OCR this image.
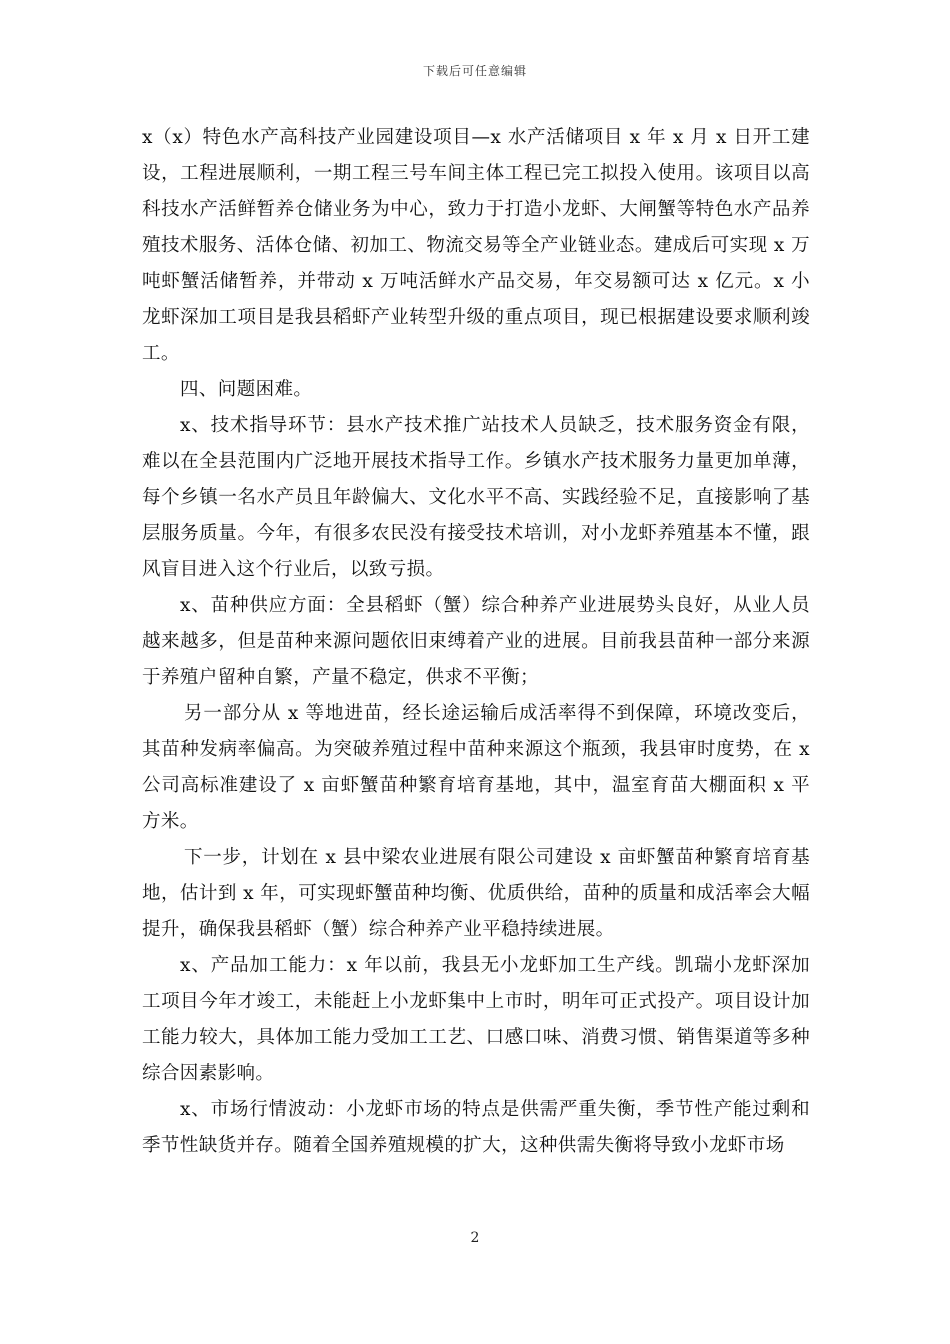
下载后可任意编辑

x（x）特色水产高科技产业园建设项目—x 水产活储项目 x 年 x 月 x 日开工建设，工程进展顺利，一期工程三号车间主体工程已完工拟投入使用。该项目以高科技水产活鲜暂养仓储业务为中心，致力于打造小龙虾、大闸蟹等特色水产品养殖技术服务、活体仓储、初加工、物流交易等全产业链业态。建成后可实现 x 万吨虾蟹活储暂养，并带动 x 万吨活鲜水产品交易，年交易额可达 x 亿元。x 小龙虾深加工项目是我县稻虾产业转型升级的重点项目，现已根据建设要求顺利竣工。

四、问题困难。

x、技术指导环节：县水产技术推广站技术人员缺乏，技术服务资金有限，难以在全县范围内广泛地开展技术指导工作。乡镇水产技术服务力量更加单薄，每个乡镇一名水产员且年龄偏大、文化水平不高、实践经验不足，直接影响了基层服务质量。今年，有很多农民没有接受技术培训，对小龙虾养殖基本不懂，跟风盲目进入这个行业后，以致亏损。

x、苗种供应方面：全县稻虾（蟹）综合种养产业进展势头良好，从业人员越来越多，但是苗种来源问题依旧束缚着产业的进展。目前我县苗种一部分来源于养殖户留种自繁，产量不稳定，供求不平衡；

另一部分从 x 等地进苗，经长途运输后成活率得不到保障，环境改变后，其苗种发病率偏高。为突破养殖过程中苗种来源这个瓶颈，我县审时度势，在 x 公司高标准建设了 x 亩虾蟹苗种繁育培育基地，其中，温室育苗大棚面积 x 平方米。

下一步，计划在 x 县中梁农业进展有限公司建设 x 亩虾蟹苗种繁育培育基地，估计到 x 年，可实现虾蟹苗种均衡、优质供给，苗种的质量和成活率会大幅提升，确保我县稻虾（蟹）综合种养产业平稳持续进展。

x、产品加工能力：x 年以前，我县无小龙虾加工生产线。凯瑞小龙虾深加工项目今年才竣工，未能赶上小龙虾集中上市时，明年可正式投产。项目设计加工能力较大，具体加工能力受加工工艺、口感口味、消费习惯、销售渠道等多种综合因素影响。

x、市场行情波动：小龙虾市场的特点是供需严重失衡，季节性产能过剩和季节性缺货并存。随着全国养殖规模的扩大，这种供需失衡将导致小龙虾市场

2
